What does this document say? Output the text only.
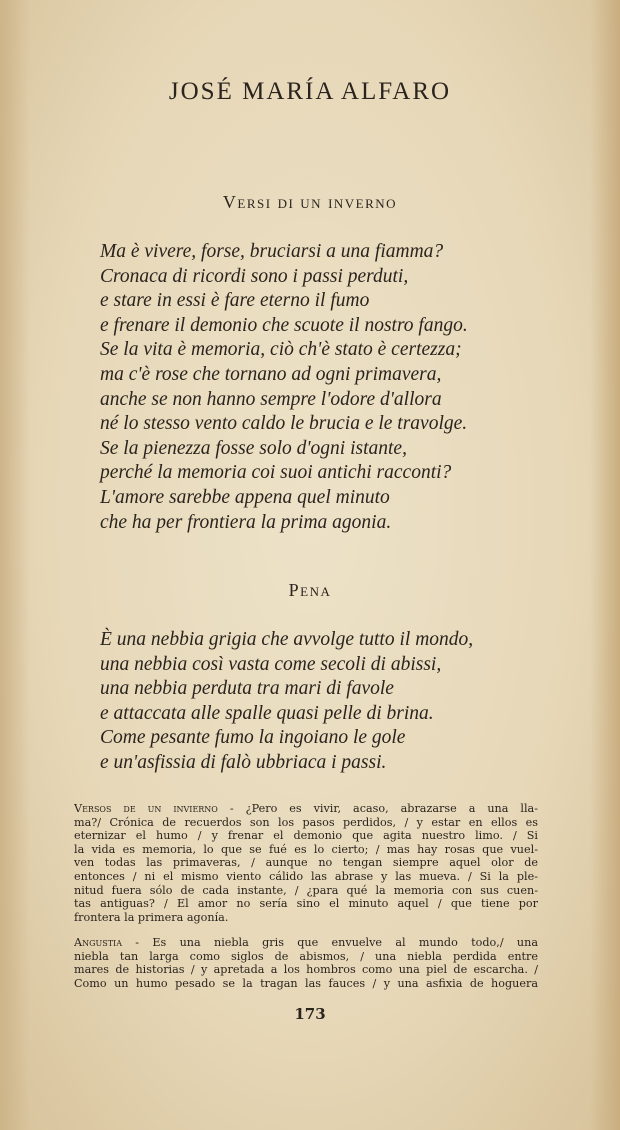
JOSÉ MARÍA ALFARO
Versi di un inverno
Ma è vivere, forse, bruciarsi a una fiamma?
Cronaca di ricordi sono i passi perduti,
e stare in essi è fare eterno il fumo
e frenare il demonio che scuote il nostro fango.
Se la vita è memoria, ciò ch'è stato è certezza;
ma c'è rose che tornano ad ogni primavera,
anche se non hanno sempre l'odore d'allora
né lo stesso vento caldo le brucia e le travolge.
Se la pienezza fosse solo d'ogni istante,
perché la memoria coi suoi antichi racconti?
L'amore sarebbe appena quel minuto
che ha per frontiera la prima agonia.
Pena
È una nebbia grigia che avvolge tutto il mondo,
una nebbia così vasta come secoli di abissi,
una nebbia perduta tra mari di favole
e attaccata alle spalle quasi pelle di brina.
Come pesante fumo la ingoiano le gole
e un'asfissia di falò ubbriaca i passi.
Versos de un invierno - ¿Pero es vivir, acaso, abrazarse a una lla-
ma?/ Crónica de recuerdos son los pasos perdidos, / y estar en ellos es
eternizar el humo / y frenar el demonio que agita nuestro limo. / Si
la vida es memoria, lo que se fué es lo cierto; / mas hay rosas que vuel-
ven todas las primaveras, / aunque no tengan siempre aquel olor de
entonces / ni el mismo viento cálido las abrase y las mueva. / Si la ple-
nitud fuera sólo de cada instante, / ¿para qué la memoria con sus cuen-
tas antiguas? / El amor no sería sino el minuto aquel / que tiene por
frontera la primera agonía.
Angustia - Es una niebla gris que envuelve al mundo todo,/ una
niebla tan larga como siglos de abismos, / una niebla perdida entre
mares de historias / y apretada a los hombros como una piel de escarcha. /
Como un humo pesado se la tragan las fauces / y una asfixia de hoguera
173
